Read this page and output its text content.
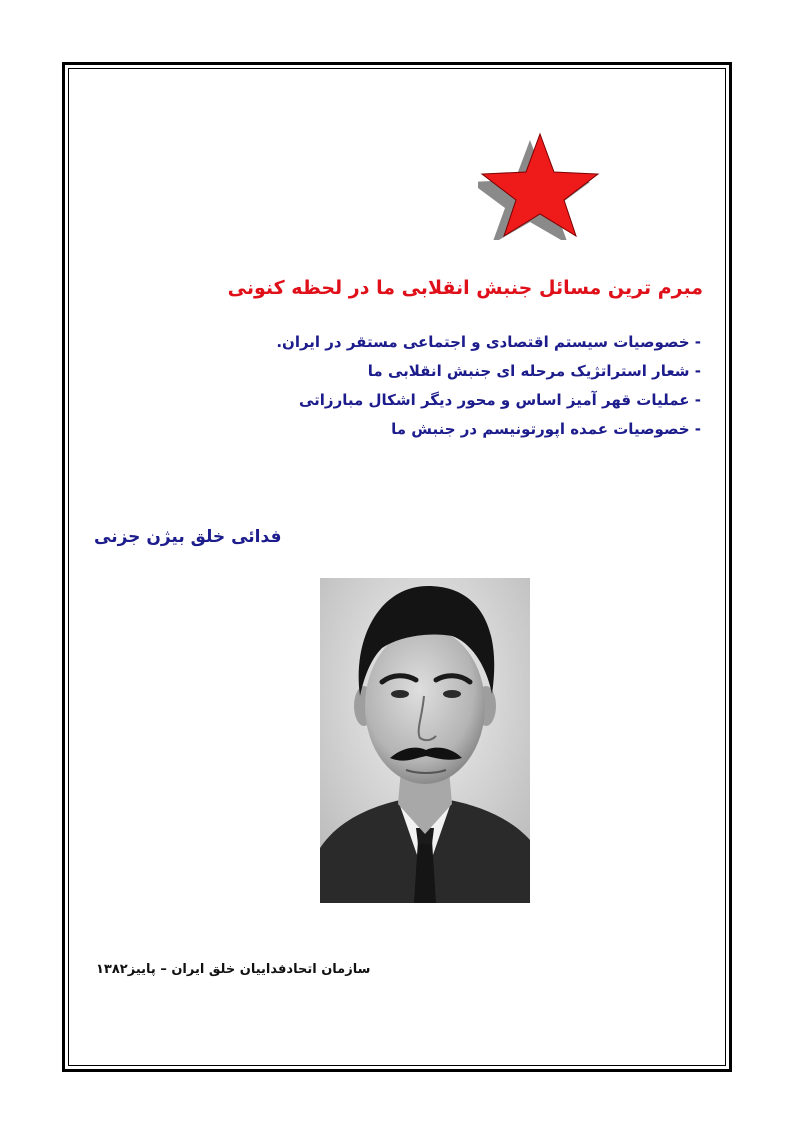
مبرم ترین مسائل جنبش انقلابی ما در لحظه کنونی
- خصوصیات سیستم اقتصادی و اجتماعی مستقر در ایران.
- شعار استراتژیک مرحله ای جنبش انقلابی ما
- عملیات قهر آمیز اساس و محور دیگر اشکال مبارزاتی
- خصوصیات عمده اپورتونیسم در جنبش ما
فدائی خلق بیژن جزنی
سازمان اتحادفداییان خلق ایران – پاییز۱۳۸۲
